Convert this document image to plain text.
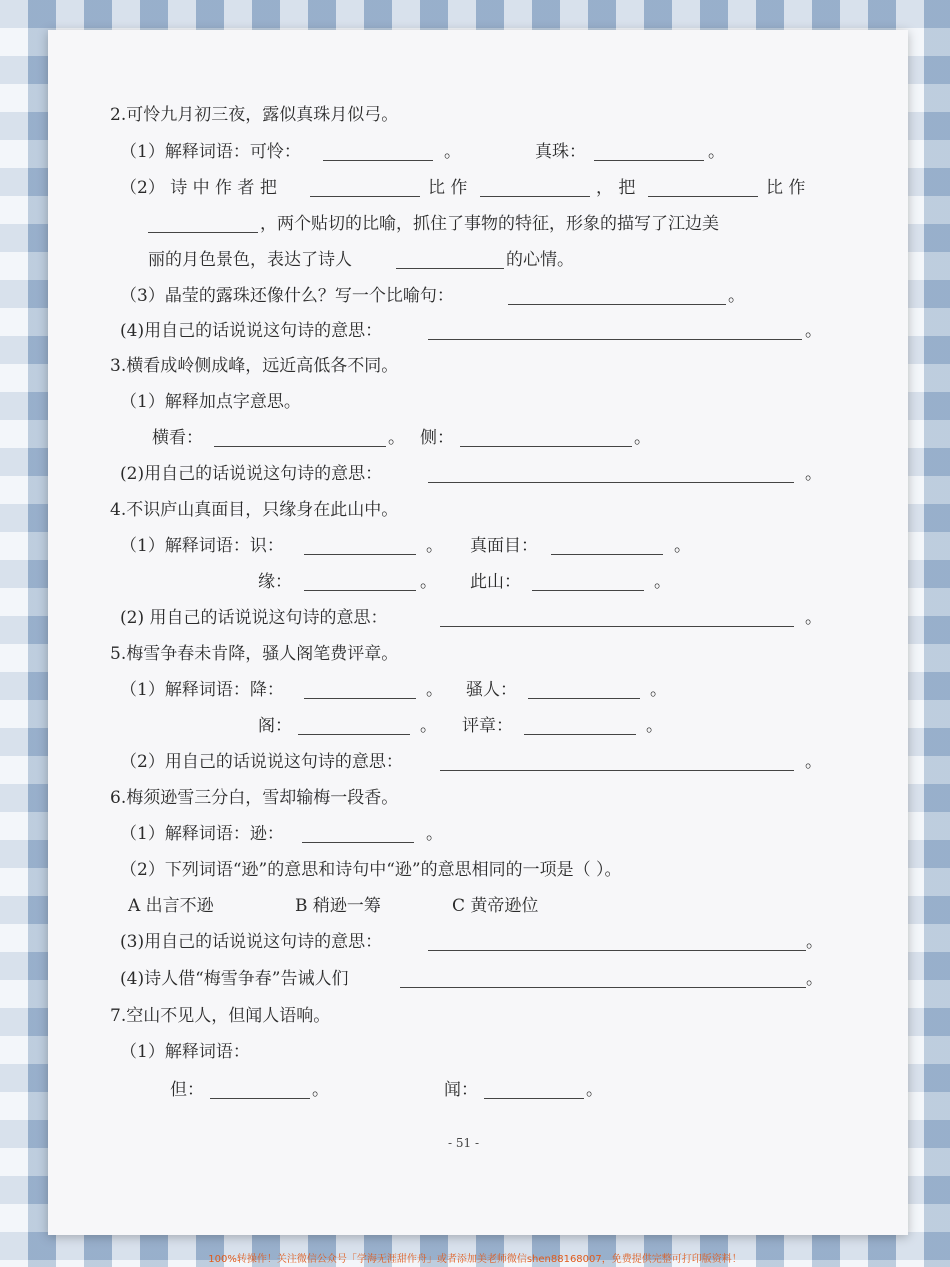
2.可怜九月初三夜，露似真珠月似弓。
（1）解释词语：可怜：	。	真珠：	。
（2） 诗 中 作 者 把	比 作	， 把	比 作
，两个贴切的比喻，抓住了事物的特征，形象的描写了江边美
丽的月色景色，表达了诗人	的心情。
（3）晶莹的露珠还像什么？写一个比喻句：	。
(4)用自己的话说说这句诗的意思：	。
3.横看成岭侧成峰，远近高低各不同。
（1）解释加点字意思。
横看：	。 侧：	。
(2)用自己的话说说这句诗的意思：	。
4.不识庐山真面目，只缘身在此山中。
（1）解释词语：识：	。 真面目：	。
缘：	。 此山：	。
(2) 用自己的话说说这句诗的意思：	。
5.梅雪争春未肯降，骚人阁笔费评章。
（1）解释词语：降：	。 骚人：	。
阁：	。 评章：	。
（2）用自己的话说说这句诗的意思：	。
6.梅须逊雪三分白，雪却输梅一段香。
（1）解释词语：逊：	。
（2）下列词语“逊”的意思和诗句中“逊”的意思相同的一项是（ ）。
A 出言不逊	B 稍逊一筹	C 黄帝逊位
(3)用自己的话说说这句诗的意思：	。
(4)诗人借“梅雪争春”告诫人们	。
7.空山不见人，但闻人语响。
（1）解释词语：
但：	。	闻：	。
- 51 -
100%转操作！关注微信公众号「学海无涯甜作舟」或者添加美老师微信shen88168007，免费提供完整可打印版资料！
